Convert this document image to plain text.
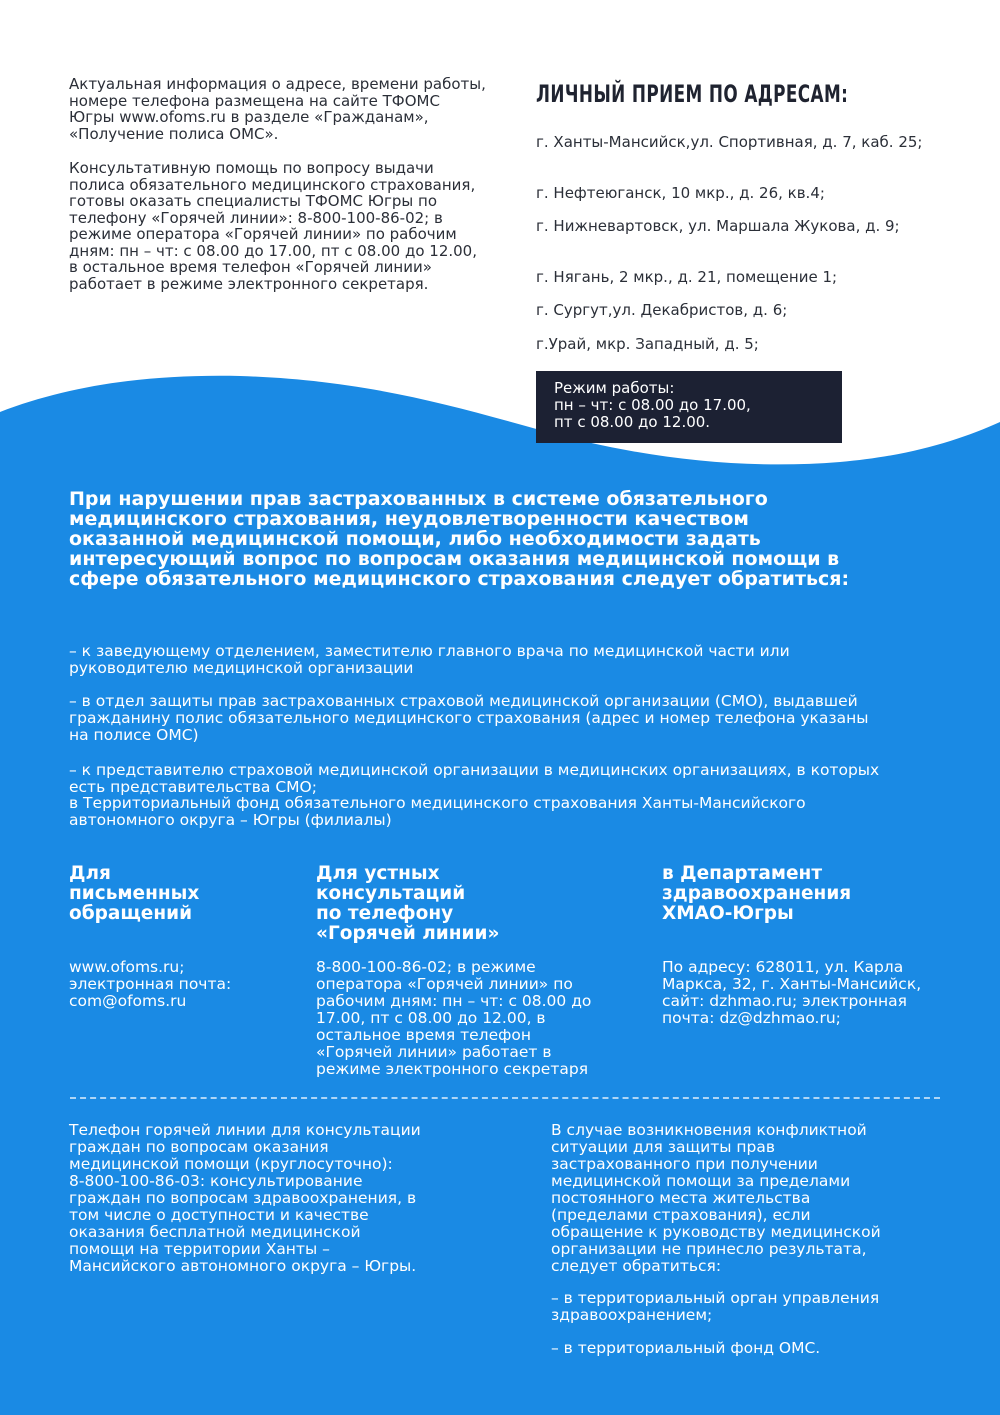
Актуальная информация о адресе, времени работы, номере телефона размещена на сайте ТФОМС Югры www.ofoms.ru в разделе «Гражданам», «Получение полиса ОМС».

Консультативную помощь по вопросу выдачи полиса обязательного медицинского страхования, готовы оказать специалисты ТФОМС Югры по телефону «Горячей линии»: 8-800-100-86-02; в режиме оператора «Горячей линии» по рабочим дням: пн – чт: с 08.00 до 17.00, пт с 08.00 до 12.00, в остальное время телефон «Горячей линии» работает в режиме электронного секретаря.

ЛИЧНЫЙ ПРИЕМ ПО АДРЕСАМ:
г. Ханты-Мансийск,ул. Спортивная, д. 7, каб. 25;
г. Нефтеюганск, 10 мкр., д. 26, кв.4;
г. Нижневартовск, ул. Маршала Жукова, д. 9;
г. Нягань, 2 мкр., д. 21, помещение 1;
г. Сургут,ул. Декабристов, д. 6;
г.Урай, мкр. Западный, д. 5;
Режим работы:
пн – чт: с 08.00 до 17.00,
пт с 08.00 до 12.00.

При нарушении прав застрахованных в системе обязательного медицинского страхования, неудовлетворенности качеством оказанной медицинской помощи, либо необходимости задать интересующий вопрос по вопросам оказания медицинской помощи в сфере обязательного медицинского страхования следует обратиться:

– к заведующему отделением, заместителю главного врача по медицинской части или руководителю медицинской организации

– в отдел защиты прав застрахованных страховой медицинской организации (СМО), выдавшей гражданину полис обязательного медицинского страхования (адрес и номер телефона указаны на полисе ОМС)

– к представителю страховой медицинской организации в медицинских организациях, в которых есть представительства СМО;

в Территориальный фонд обязательного медицинского страхования Ханты-Мансийского автономного округа – Югры (филиалы)

Для
письменных
обращений
www.ofoms.ru;
электронная почта:
com@ofoms.ru
Для устных
консультаций
по телефону
«Горячей линии»
8-800-100-86-02; в режиме
оператора «Горячей линии» по
рабочим дням: пн – чт: с 08.00 до
17.00, пт с 08.00 до 12.00, в
остальное время телефон
«Горячей линии» работает в
режиме электронного секретаря
в Департамент
здравоохранения
ХМАО-Югры
По адресу: 628011, ул. Карла
Маркса, 32, г. Ханты-Мансийск,
сайт: dzhmao.ru; электронная
почта: dz@dzhmao.ru;
Телефон горячей линии для консультации
граждан по вопросам оказания
медицинской помощи (круглосуточно):
8-800-100-86-03: консультирование
граждан по вопросам здравоохранения, в
том числе о доступности и качестве
оказания бесплатной медицинской
помощи на территории Ханты –
Мансийского автономного округа – Югры.
В случае возникновения конфликтной
ситуации для защиты прав
застрахованного при получении
медицинской помощи за пределами
постоянного места жительства
(пределами страхования), если
обращение к руководству медицинской
организации не принесло результата,
следует обратиться:
– в территориальный орган управления
здравоохранением;
– в территориальный фонд ОМС.
